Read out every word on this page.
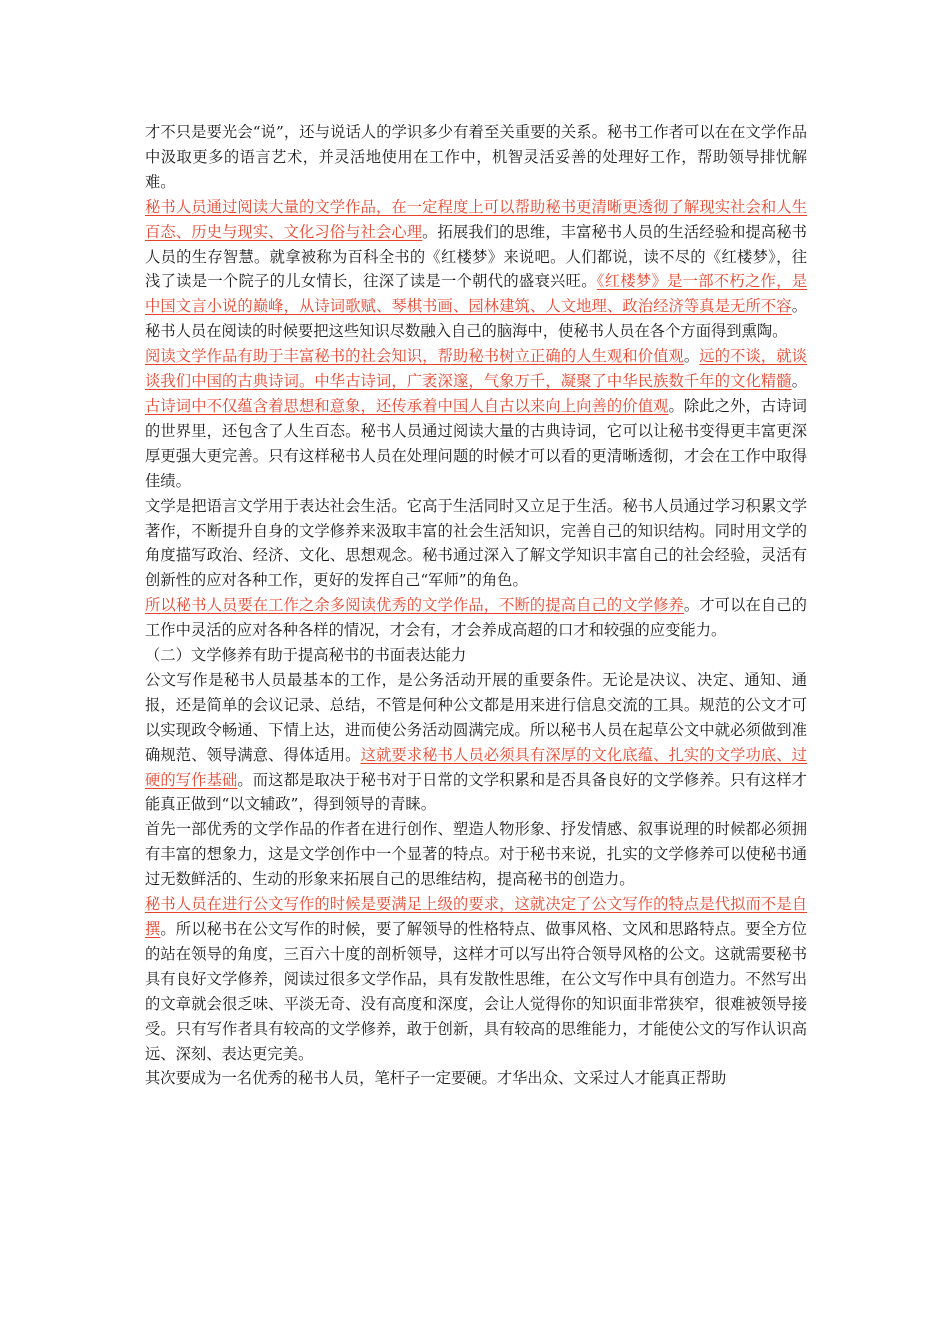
才不只是要光会“说”，还与说话人的学识多少有着至关重要的关系。秘书工作者可以在在文学作品中汲取更多的语言艺术，并灵活地使用在工作中，机智灵活妥善的处理好工作，帮助领导排忧解难。

秘书人员通过阅读大量的文学作品，在一定程度上可以帮助秘书更清晰更透彻了解现实社会和人生百态、历史与现实、文化习俗与社会心理。拓展我们的思维，丰富秘书人员的生活经验和提高秘书人员的生存智慧。就拿被称为百科全书的《红楼梦》来说吧。人们都说，读不尽的《红楼梦》，往浅了读是一个院子的儿女情长，往深了读是一个朝代的盛衰兴旺。《红楼梦》是一部不朽之作，是中国文言小说的巅峰，从诗词歌赋、琴棋书画、园林建筑、人文地理、政治经济等真是无所不容。秘书人员在阅读的时候要把这些知识尽数融入自己的脑海中，使秘书人员在各个方面得到熏陶。

阅读文学作品有助于丰富秘书的社会知识，帮助秘书树立正确的人生观和价值观。远的不谈，就谈谈我们中国的古典诗词。中华古诗词，广袤深邃，气象万千，凝聚了中华民族数千年的文化精髓。古诗词中不仅蕴含着思想和意象，还传承着中国人自古以来向上向善的价值观。除此之外，古诗词的世界里，还包含了人生百态。秘书人员通过阅读大量的古典诗词，它可以让秘书变得更丰富更深厚更强大更完善。只有这样秘书人员在处理问题的时候才可以看的更清晰透彻，才会在工作中取得佳绩。

文学是把语言文学用于表达社会生活。它高于生活同时又立足于生活。秘书人员通过学习积累文学著作，不断提升自身的文学修养来汲取丰富的社会生活知识，完善自己的知识结构。同时用文学的角度描写政治、经济、文化、思想观念。秘书通过深入了解文学知识丰富自己的社会经验，灵活有创新性的应对各种工作，更好的发挥自己“军师”的角色。

所以秘书人员要在工作之余多阅读优秀的文学作品，不断的提高自己的文学修养。才可以在自己的工作中灵活的应对各种各样的情况，才会有，才会养成高超的口才和较强的应变能力。

（二）文学修养有助于提高秘书的书面表达能力

公文写作是秘书人员最基本的工作，是公务活动开展的重要条件。无论是决议、决定、通知、通报，还是简单的会议记录、总结，不管是何种公文都是用来进行信息交流的工具。规范的公文才可以实现政令畅通、下情上达，进而使公务活动圆满完成。所以秘书人员在起草公文中就必须做到准确规范、领导满意、得体适用。这就要求秘书人员必须具有深厚的文化底蕴、扎实的文学功底、过硬的写作基础。而这都是取决于秘书对于日常的文学积累和是否具备良好的文学修养。只有这样才能真正做到“以文辅政”，得到领导的青睐。

首先一部优秀的文学作品的作者在进行创作、塑造人物形象、抒发情感、叙事说理的时候都必须拥有丰富的想象力，这是文学创作中一个显著的特点。对于秘书来说，扎实的文学修养可以使秘书通过无数鲜活的、生动的形象来拓展自己的思维结构，提高秘书的创造力。

秘书人员在进行公文写作的时候是要满足上级的要求，这就决定了公文写作的特点是代拟而不是自撰。所以秘书在公文写作的时候，要了解领导的性格特点、做事风格、文风和思路特点。要全方位的站在领导的角度，三百六十度的剖析领导，这样才可以写出符合领导风格的公文。这就需要秘书具有良好文学修养，阅读过很多文学作品，具有发散性思维，在公文写作中具有创造力。不然写出的文章就会很乏味、平淡无奇、没有高度和深度，会让人觉得你的知识面非常狭窄，很难被领导接受。只有写作者具有较高的文学修养，敢于创新，具有较高的思维能力，才能使公文的写作认识高远、深刻、表达更完美。

其次要成为一名优秀的秘书人员，笔杆子一定要硬。才华出众、文采过人才能真正帮助
